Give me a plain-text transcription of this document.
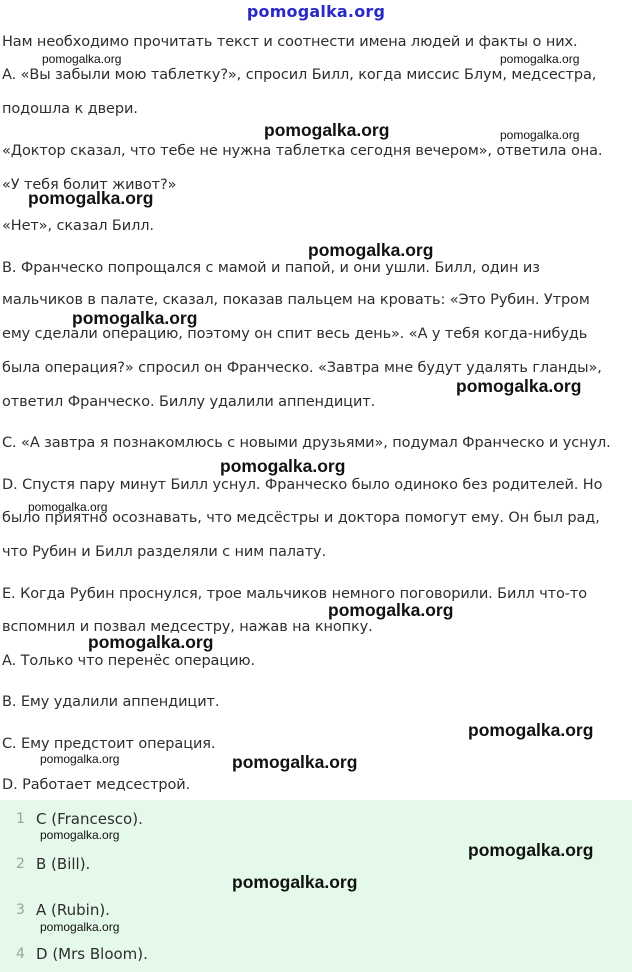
pomogalka.org
Нам необходимо прочитать текст и соотнести имена людей и факты о них.
A. «Вы забыли мою таблетку?», спросил Билл, когда миссис Блум, медсестра,
подошла к двери.
«Доктор сказал, что тебе не нужна таблетка сегодня вечером», ответила она.
«У тебя болит живот?»
«Нет», сказал Билл.
B. Франческо попрощался с мамой и папой, и они ушли. Билл, один из
мальчиков в палате, сказал, показав пальцем на кровать: «Это Рубин. Утром
ему сделали операцию, поэтому он спит весь день». «А у тебя когда-нибудь
была операция?» спросил он Франческо. «Завтра мне будут удалять гланды»,
ответил Франческо. Биллу удалили аппендицит.
C. «А завтра я познакомлюсь с новыми друзьями», подумал Франческо и уснул.
D. Спустя пару минут Билл уснул. Франческо было одиноко без родителей. Но
было приятно осознавать, что медсёстры и доктора помогут ему. Он был рад,
что Рубин и Билл разделяли с ним палату.
E. Когда Рубин проснулся, трое мальчиков немного поговорили. Билл что-то
вспомнил и позвал медсестру, нажав на кнопку.
A. Только что перенёс операцию.
B. Ему удалили аппендицит.
C. Ему предстоит операция.
D. Работает медсестрой.
1 C (Francesco).
2 B (Bill).
3 A (Rubin).
4 D (Mrs Bloom).
pomogalka.org	pomogalka.org
pomogalka.org	pomogalka.org
pomogalka.org
pomogalka.org
pomogalka.org
pomogalka.org
pomogalka.org
pomogalka.org
pomogalka.org
pomogalka.org
pomogalka.org
pomogalka.org	pomogalka.org
pomogalka.org
pomogalka.org
pomogalka.org
pomogalka.org
